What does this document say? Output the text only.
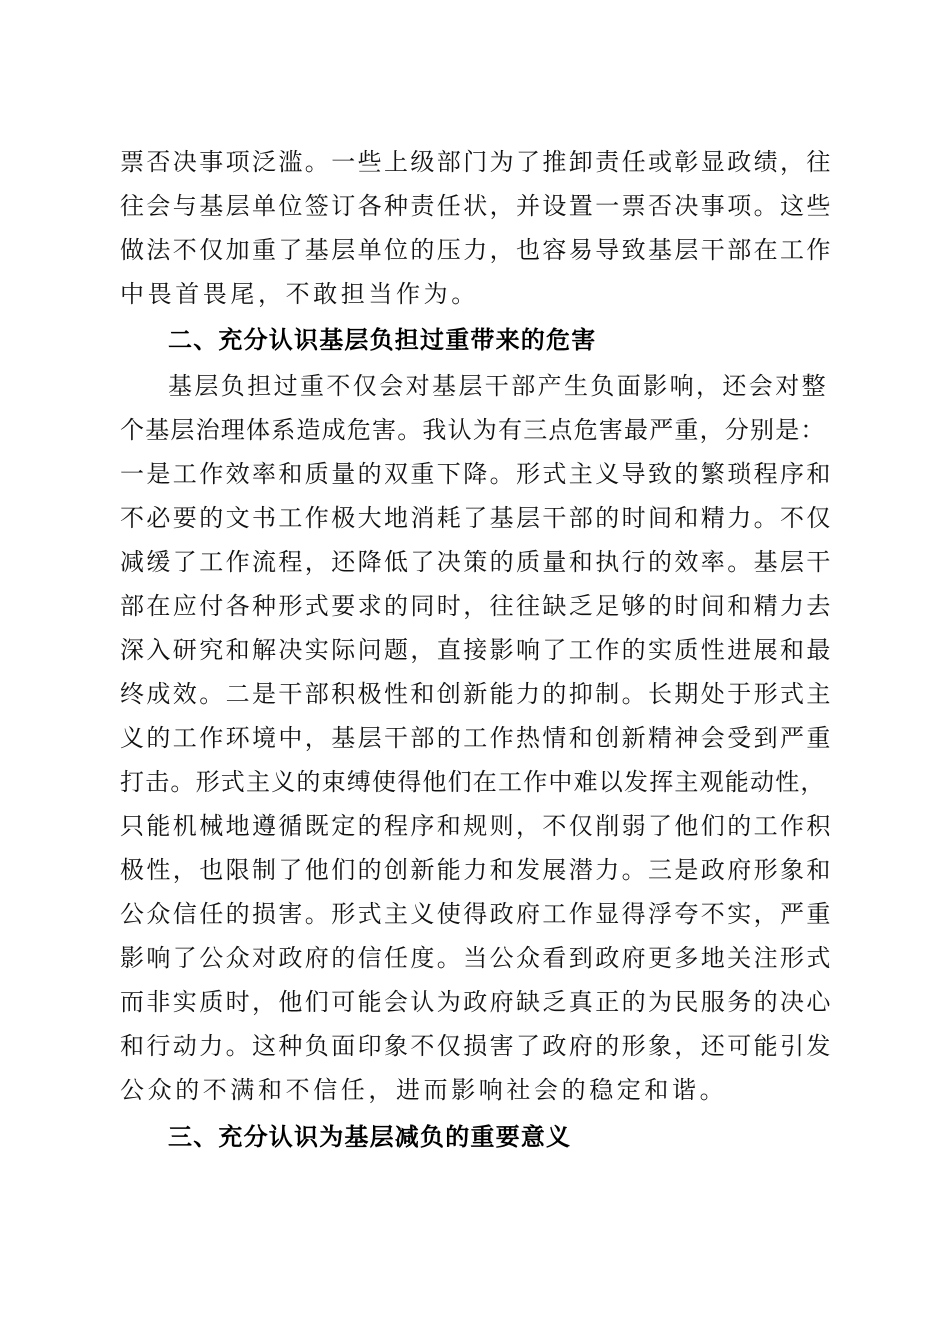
票否决事项泛滥。一些上级部门为了推卸责任或彰显政绩，往
往会与基层单位签订各种责任状，并设置一票否决事项。这些
做法不仅加重了基层单位的压力，也容易导致基层干部在工作
中畏首畏尾，不敢担当作为。
二、充分认识基层负担过重带来的危害
基层负担过重不仅会对基层干部产生负面影响，还会对整
个基层治理体系造成危害。我认为有三点危害最严重，分别是：
一是工作效率和质量的双重下降。形式主义导致的繁琐程序和
不必要的文书工作极大地消耗了基层干部的时间和精力。不仅
减缓了工作流程，还降低了决策的质量和执行的效率。基层干
部在应付各种形式要求的同时，往往缺乏足够的时间和精力去
深入研究和解决实际问题，直接影响了工作的实质性进展和最
终成效。二是干部积极性和创新能力的抑制。长期处于形式主
义的工作环境中，基层干部的工作热情和创新精神会受到严重
打击。形式主义的束缚使得他们在工作中难以发挥主观能动性，
只能机械地遵循既定的程序和规则，不仅削弱了他们的工作积
极性，也限制了他们的创新能力和发展潜力。三是政府形象和
公众信任的损害。形式主义使得政府工作显得浮夸不实，严重
影响了公众对政府的信任度。当公众看到政府更多地关注形式
而非实质时，他们可能会认为政府缺乏真正的为民服务的决心
和行动力。这种负面印象不仅损害了政府的形象，还可能引发
公众的不满和不信任，进而影响社会的稳定和谐。
三、充分认识为基层减负的重要意义
